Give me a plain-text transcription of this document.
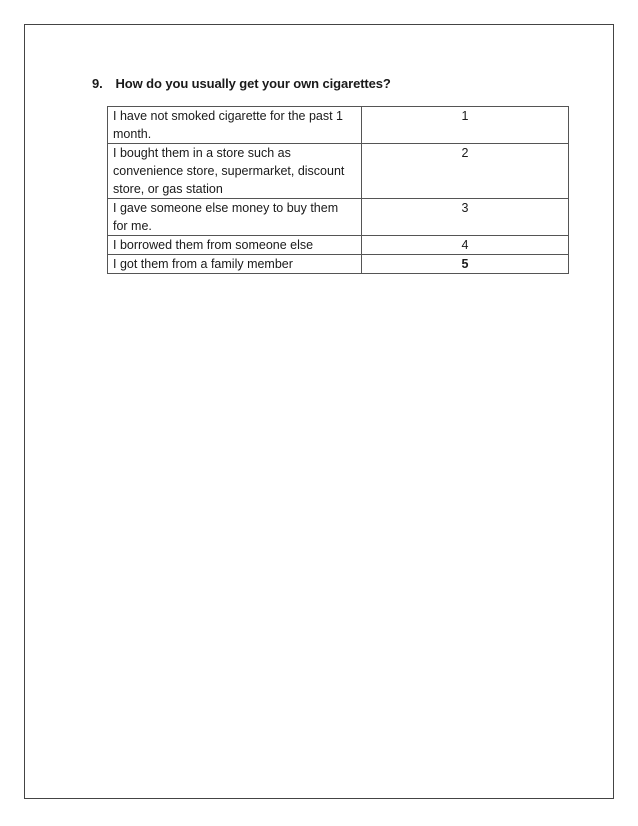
9. How do you usually get your own cigarettes?
I have not smoked cigarette for the past 1 month.	1
I bought them in a store such as convenience store, supermarket, discount store, or gas station	2
I gave someone else money to buy them for me.	3
I borrowed them from someone else	4
I got them from a family member	5
